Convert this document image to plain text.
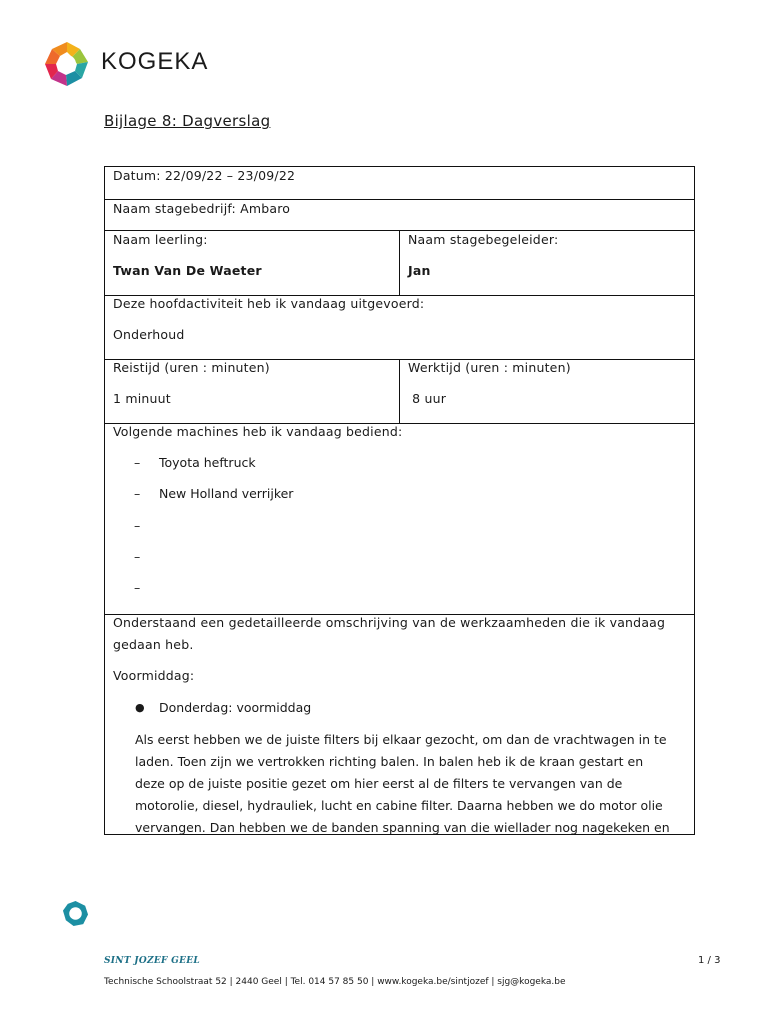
KOGEKA
Bijlage 8: Dagverslag
Datum: 22/09/22 – 23/09/22
Naam stagebedrijf: Ambaro
Naam leerling:
Twan Van De Waeter
Naam stagebegeleider:
Jan
Deze hoofdactiviteit heb ik vandaag uitgevoerd:
Onderhoud
Reistijd (uren : minuten)
1 minuut
Werktijd (uren : minuten)
8 uur
Volgende machines heb ik vandaag bediend:
– Toyota heftruck
– New Holland verrijker
–
–
–
Onderstaand een gedetailleerde omschrijving van de werkzaamheden die ik vandaag
gedaan heb.
Voormiddag:
● Donderdag: voormiddag
Als eerst hebben we de juiste filters bij elkaar gezocht, om dan de vrachtwagen in te
laden. Toen zijn we vertrokken richting balen. In balen heb ik de kraan gestart en
deze op de juiste positie gezet om hier eerst al de filters te vervangen van de
motorolie, diesel, hydrauliek, lucht en cabine filter. Daarna hebben we do motor olie
vervangen. Dan hebben we de banden spanning van die wiellader nog nagekeken en
SINT JOZEF GEEL	1 / 3
Technische Schoolstraat 52 | 2440 Geel | Tel. 014 57 85 50 | www.kogeka.be/sintjozef | sjg@kogeka.be
